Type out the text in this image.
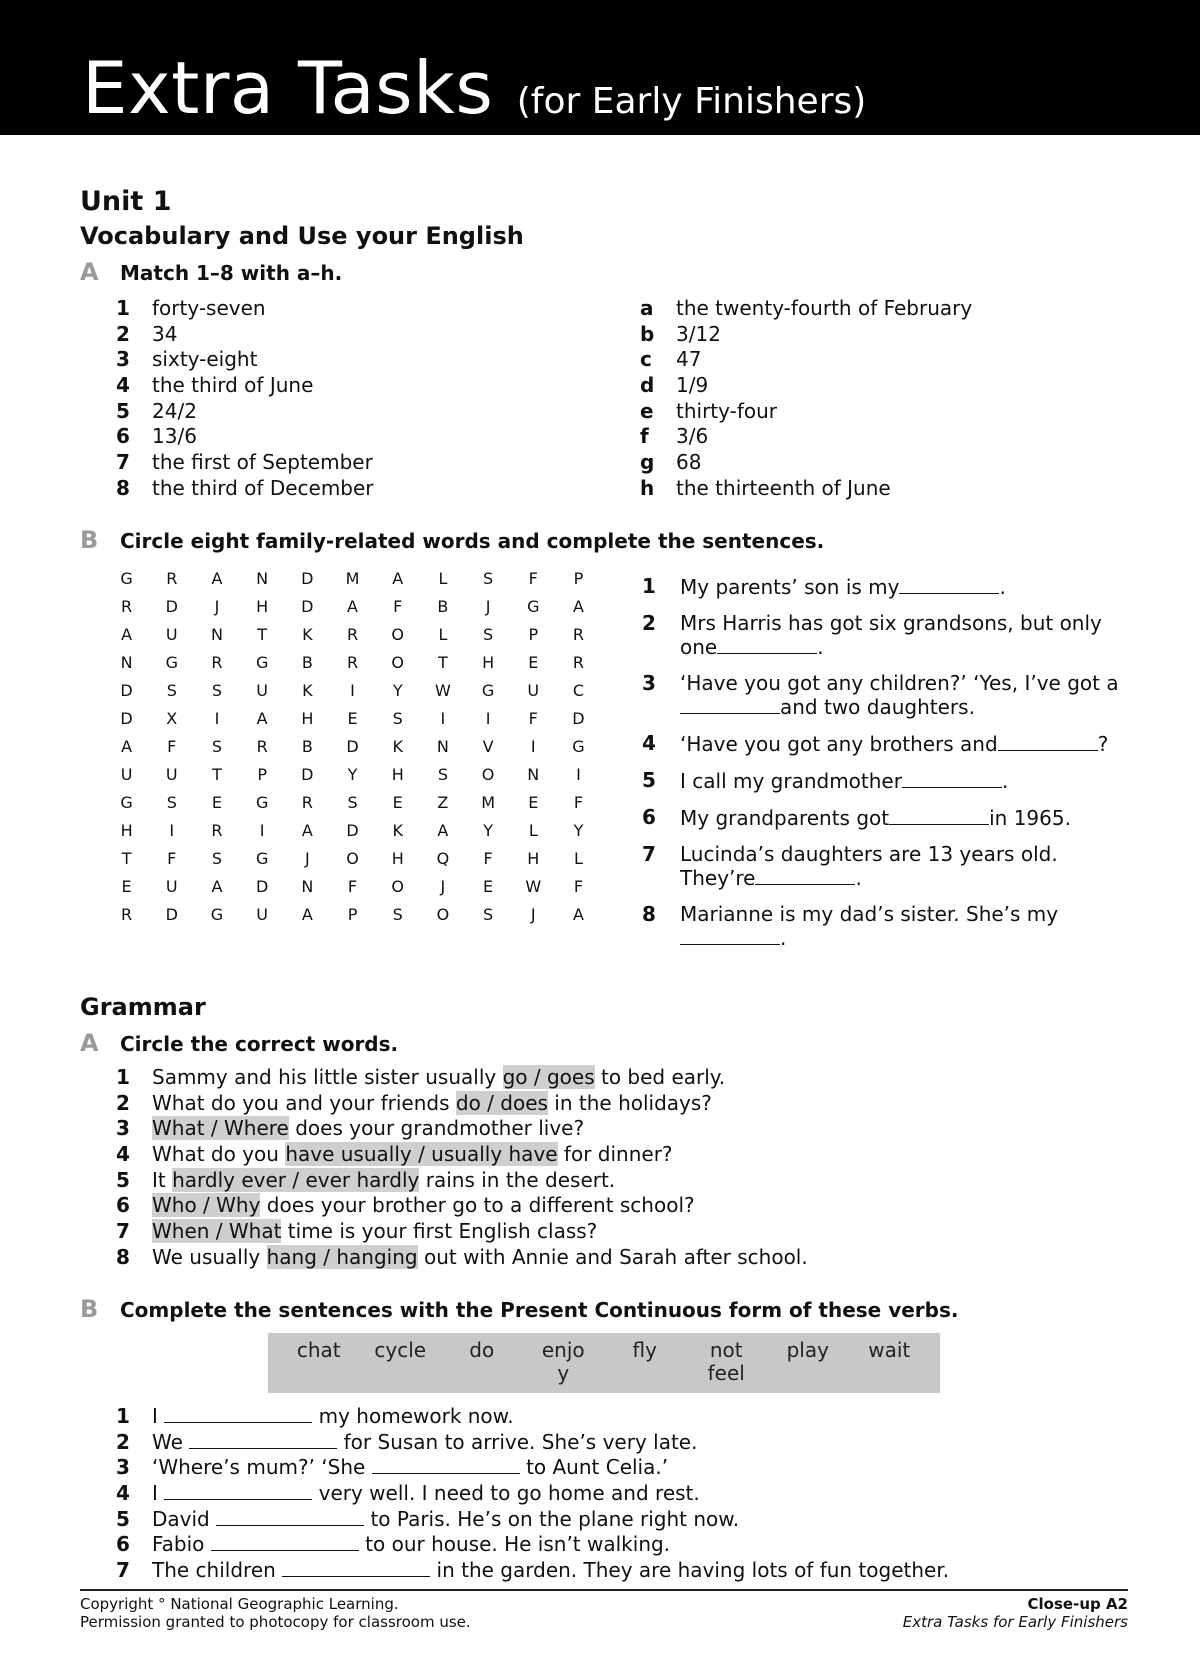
Extra Tasks (for Early Finishers)
Unit 1
Vocabulary and Use your English
A Match 1–8 with a–h.
1 forty-seven
2 34
3 sixty-eight
4 the third of June
5 24/2
6 13/6
7 the first of September
8 the third of December
a the twenty-fourth of February
b 3/12
c 47
d 1/9
e thirty-four
f 3/6
g 68
h the thirteenth of June
B Circle eight family-related words and complete the sentences.
G	R	A	N	D	M	A	L	S	F	P
R	D	J	H	D	A	F	B	J	G	A
A	U	N	T	K	R	O	L	S	P	R
N	G	R	G	B	R	O	T	H	E	R
D	S	S	U	K	I	Y	W	G	U	C
D	X	I	A	H	E	S	I	I	F	D
A	F	S	R	B	D	K	N	V	I	G
U	U	T	P	D	Y	H	S	O	N	I
G	S	E	G	R	S	E	Z	M	E	F
H	I	R	I	A	D	K	A	Y	L	Y
T	F	S	G	J	O	H	Q	F	H	L
E	U	A	D	N	F	O	J	E	W	F
R	D	G	U	A	P	S	O	S	J	A
1	My parents’ son is my	.
2	Mrs Harris has got six grandsons, but only one	.
3	‘Have you got any children?’ ‘Yes, I’ve got aand two daughters.
4	‘Have you got any brothers and	?
5	I call my grandmother	.
6	My grandparents got	in 1965.
7	Lucinda’s daughters are 13 years old. They’re	.
8	Marianne is my dad’s sister. She’s my.
Grammar
A Circle the correct words.
1 Sammy and his little sister usually go / goes to bed early.
2 What do you and your friends do / does in the holidays?
3 What / Where does your grandmother live?
4 What do you have usually / usually have for dinner?
5 It hardly ever / ever hardly rains in the desert.
6 Who / Why does your brother go to a different school?
7 When / What time is your first English class?
8 We usually hang / hanging out with Annie and Sarah after school.
B Complete the sentences with the Present Continuous form of these verbs.
chat	cycle	do	enjoy
fly	not feel
play	wait
1 I	my homework now.
2 We	for Susan to arrive. She’s very late.
3 ‘Where’s mum?’ ‘She	to Aunt Celia.’
4 I	very well. I need to go home and rest.
5 David	to Paris. He’s on the plane right now.
6 Fabio	to our house. He isn’t walking.
7 The children	in the garden. They are having lots of fun together.
Copyright ° National Geographic Learning.
Permission granted to photocopy for classroom use.
Close-up A2
Extra Tasks for Early Finishers
